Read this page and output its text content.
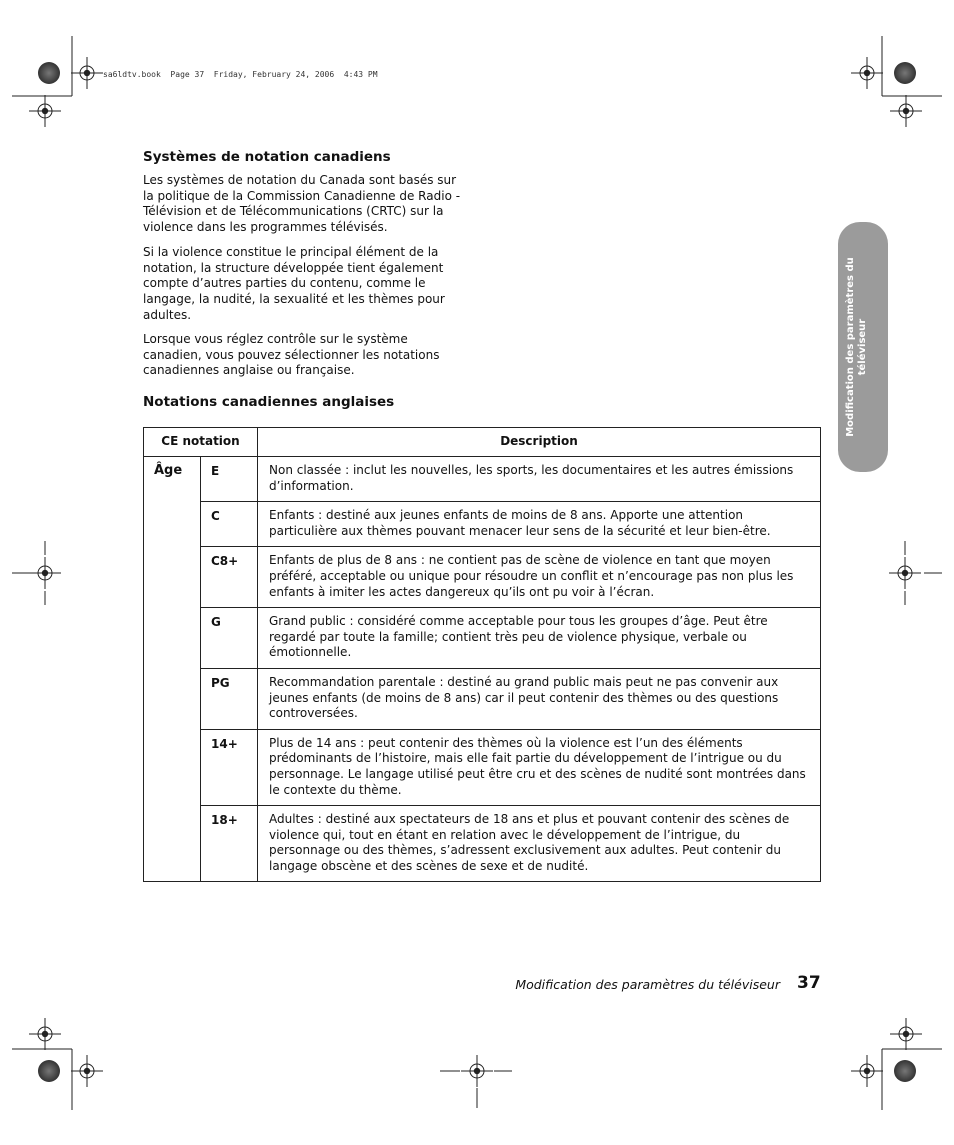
sa6ldtv.book  Page 37  Friday, February 24, 2006  4:43 PM
Systèmes de notation canadiens

Les systèmes de notation du Canada sont basés sur la politique de la Commission Canadienne de Radio - Télévision et de Télécommunications (CRTC) sur la violence dans les programmes télévisés.

Si la violence constitue le principal élément de la notation, la structure développée tient également compte d’autres parties du contenu, comme le langage, la nudité, la sexualité et les thèmes pour adultes.

Lorsque vous réglez contrôle sur le système canadien, vous pouvez sélectionner les notations canadiennes anglaise ou française.

Notations canadiennes anglaises
CE notation		Description
Âge	E	Non classée : inclut les nouvelles, les sports, les documentaires et les autres émissions d’information.
	C	Enfants : destiné aux jeunes enfants de moins de 8 ans. Apporte une attention particulière aux thèmes pouvant menacer leur sens de la sécurité et leur bien-être.
	C8+	Enfants de plus de 8 ans : ne contient pas de scène de violence en tant que moyen préféré, acceptable ou unique pour résoudre un conflit et n’encourage pas non plus les enfants à imiter les actes dangereux qu’ils ont pu voir à l’écran.
	G	Grand public : considéré comme acceptable pour tous les groupes d’âge. Peut être regardé par toute la famille; contient très peu de violence physique, verbale ou émotionnelle.
	PG	Recommandation parentale : destiné au grand public mais peut ne pas convenir aux jeunes enfants (de moins de 8 ans) car il peut contenir des thèmes ou des questions controversées.
	14+	Plus de 14 ans : peut contenir des thèmes où la violence est l’un des éléments prédominants de l’histoire, mais elle fait partie du développement de l’intrigue ou du personnage. Le langage utilisé peut être cru et des scènes de nudité sont montrées dans le contexte du thème.
	18+	Adultes : destiné aux spectateurs de 18 ans et plus et pouvant contenir des scènes de violence qui, tout en étant en relation avec le développement de l’intrigue, du personnage ou des thèmes, s’adressent exclusivement aux adultes. Peut contenir du langage obscène et des scènes de sexe et de nudité.
Modification des paramètres du téléviseur
Modification des paramètres du téléviseur 37
